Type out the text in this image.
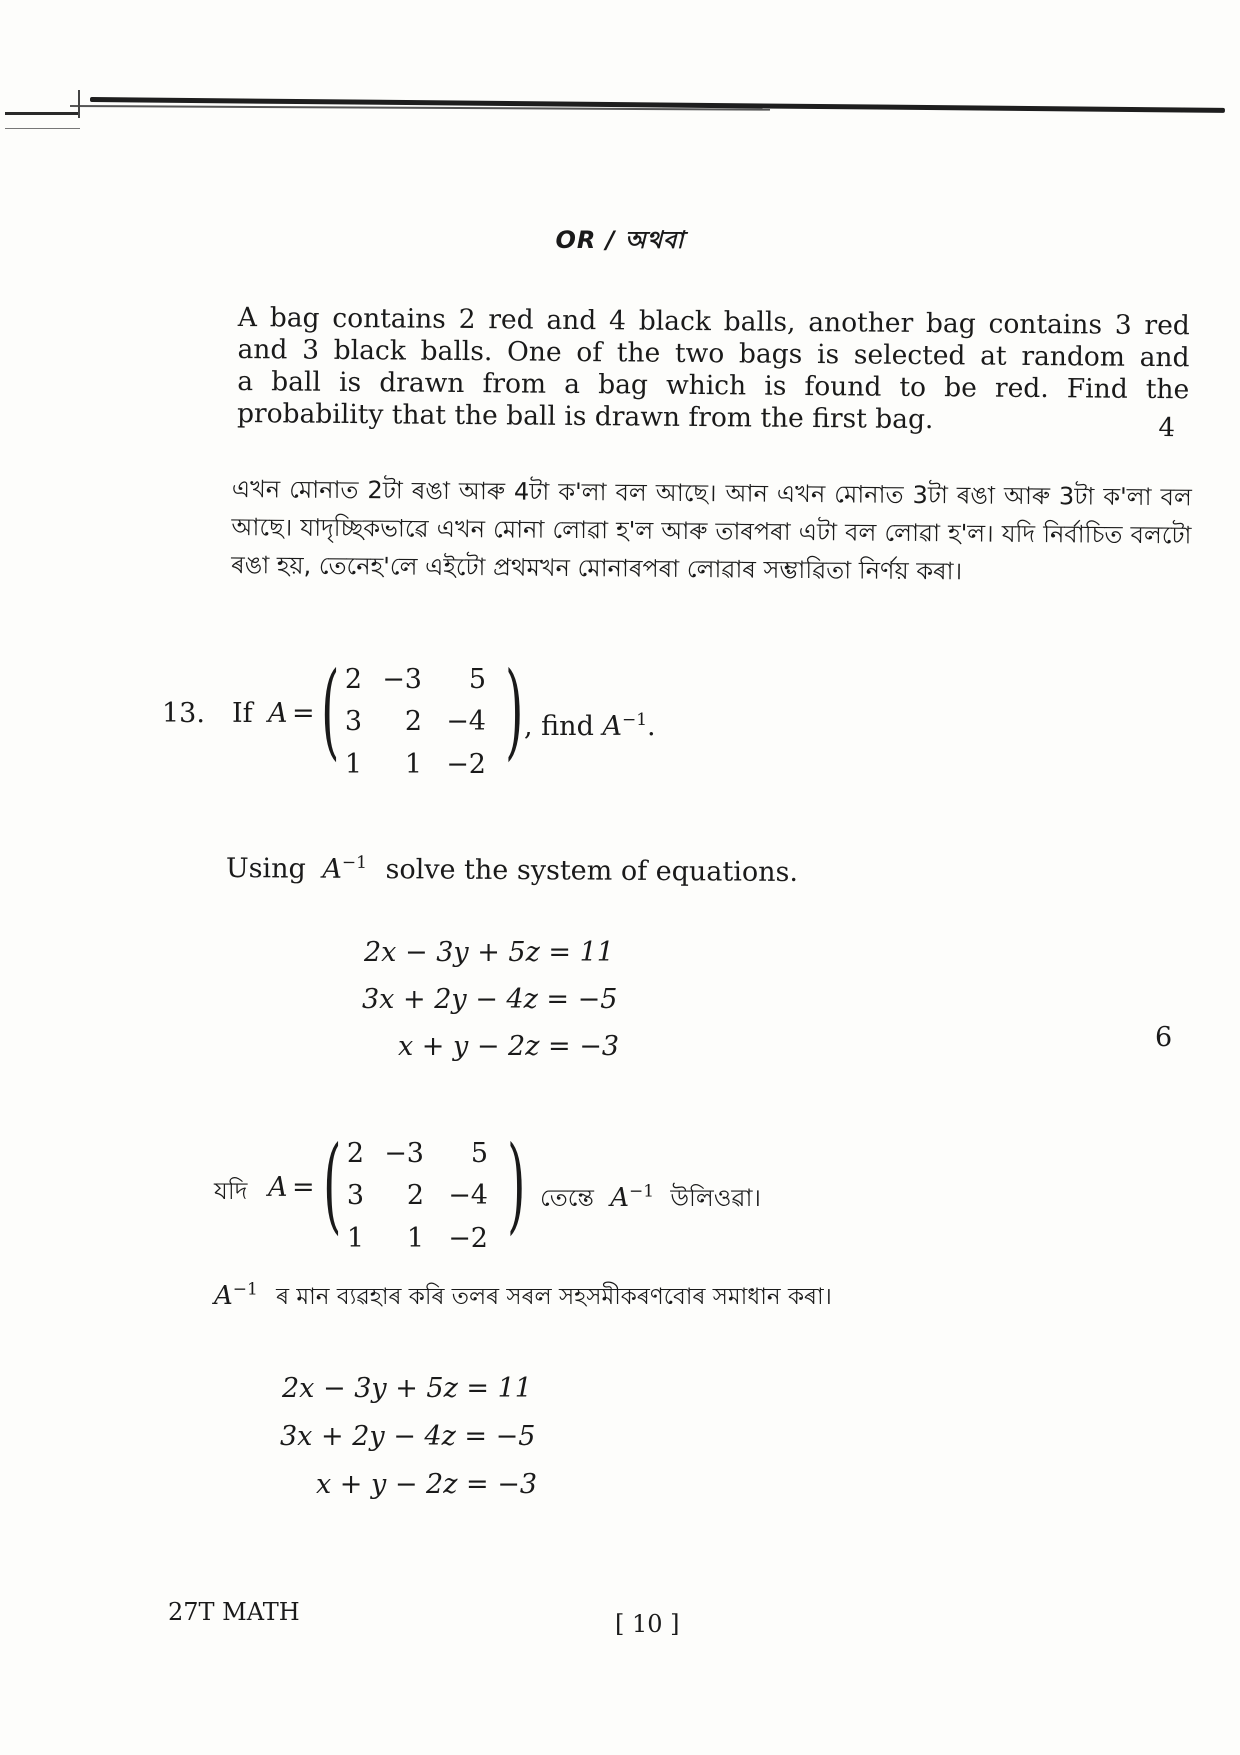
OR / অথবা
A bag contains 2 red and 4 black balls, another bag contains 3 red
and 3 black balls. One of the two bags is selected at random and
a ball is drawn from a bag which is found to be red. Find the
probability that the ball is drawn from the first bag.	4
এখন মোনাত 2টা ৰঙা আৰু 4টা ক'লা বল আছে। আন এখন মোনাত 3টা ৰঙা আৰু 3টা ক'লা বল আছে। যাদৃচ্ছিকভাৱে এখন মোনা লোৱা হ'ল আৰু তাৰপৰা এটা বল লোৱা হ'ল। যদি নিৰ্বাচিত বলটো ৰঙা হয়, তেনেহ'লে এইটো প্ৰথমখন মোনাৰপৰা লোৱাৰ সম্ভাৱিতা নিৰ্ণয় কৰা।
13. If A = ( )
2 −3	5
3	2 −4
1	1 −2
, find $A^{-1}$.
Using $A^{-1}$ solve the system of equations.
2x − 3y + 5z = 11
3x + 2y − 4z = −5
x + y − 2z = −3	6
যদি A = ( )
2 −3	5
3	2 −4
1	1 −2
তেন্তে $A^{-1}$ উলিওৱা।
$A^{-1}$ ৰ মান ব্যৱহাৰ কৰি তলৰ সৰল সহসমীকৰণবোৰ সমাধান কৰা।
2x − 3y + 5z = 11
3x + 2y − 4z = −5
x + y − 2z = −3
27T MATH	[ 10 ]
